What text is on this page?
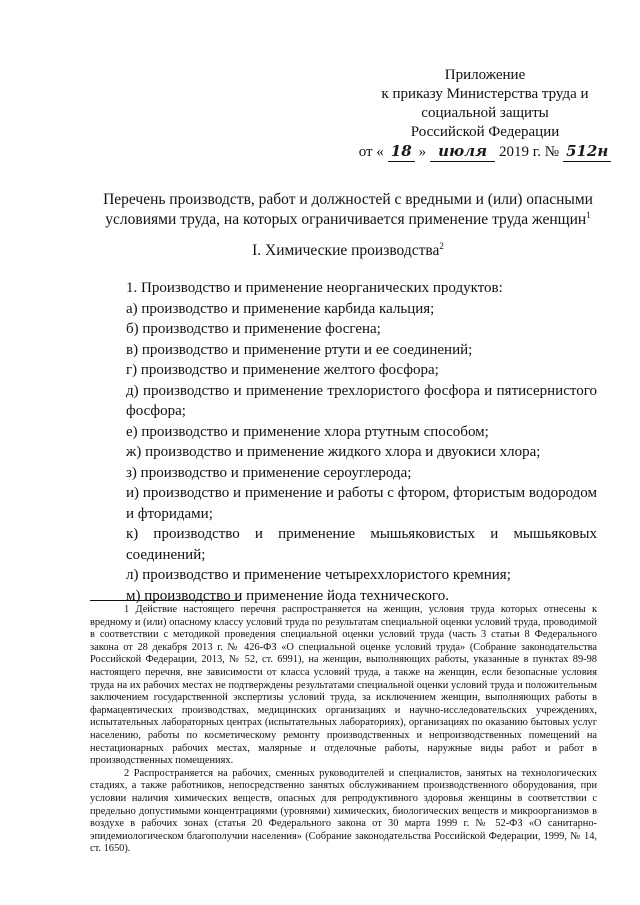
Приложение
к приказу Министерства труда и
социальной защиты
Российской Федерации
от « 18 » июля 2019 г. № 512н
Перечень производств, работ и должностей с вредными и (или) опасными условиями труда, на которых ограничивается применение труда женщин$^1$
I. Химические производства$^2$
1. Производство и применение неорганических продуктов:
а) производство и применение карбида кальция;
б) производство и применение фосгена;
в) производство и применение ртути и ее соединений;
г) производство и применение желтого фосфора;
д) производство и применение трехлористого фосфора и пятисернистого фосфора;
е) производство и применение хлора ртутным способом;
ж) производство и применение жидкого хлора и двуокиси хлора;
з) производство и применение сероуглерода;
и) производство и применение и работы с фтором, фтористым водородом и фторидами;
к) производство и применение мышьяковистых и мышьяковых соединений;
л) производство и применение четыреххлористого кремния;
м) производство и применение йода технического.

1 Действие настоящего перечня распространяется на женщин, условия труда которых отнесены к вредному и (или) опасному классу условий труда по результатам специальной оценки условий труда, проводимой в соответствии с методикой проведения специальной оценки условий труда (часть 3 статьи 8 Федерального закона от 28 декабря 2013 г. № 426-ФЗ «О специальной оценке условий труда» (Собрание законодательства Российской Федерации, 2013, № 52, ст. 6991), на женщин, выполняющих работы, указанные в пунктах 89-98 настоящего перечня, вне зависимости от класса условий труда, а также на женщин, если безопасные условия труда на их рабочих местах не подтверждены результатами специальной оценки условий труда и положительным заключением государственной экспертизы условий труда, за исключением женщин, выполняющих работы в фармацевтических производствах, медицинских организациях и научно-исследовательских учреждениях, испытательных лабораторных центрах (испытательных лабораториях), организациях по оказанию бытовых услуг населению, работы по косметическому ремонту производственных и непроизводственных помещений на нестационарных рабочих местах, малярные и отделочные работы, наружные виды работ и работ в производственных помещениях.

2 Распространяется на рабочих, сменных руководителей и специалистов, занятых на технологических стадиях, а также работников, непосредственно занятых обслуживанием производственного оборудования, при условии наличия химических веществ, опасных для репродуктивного здоровья женщины в соответствии с предельно допустимыми концентрациями (уровнями) химических, биологических веществ и микроорганизмов в воздухе в рабочих зонах (статья 20 Федерального закона от 30 марта 1999 г. № 52-ФЗ «О санитарно-эпидемиологическом благополучии населения» (Собрание законодательства Российской Федерации, 1999, № 14, ст. 1650).
